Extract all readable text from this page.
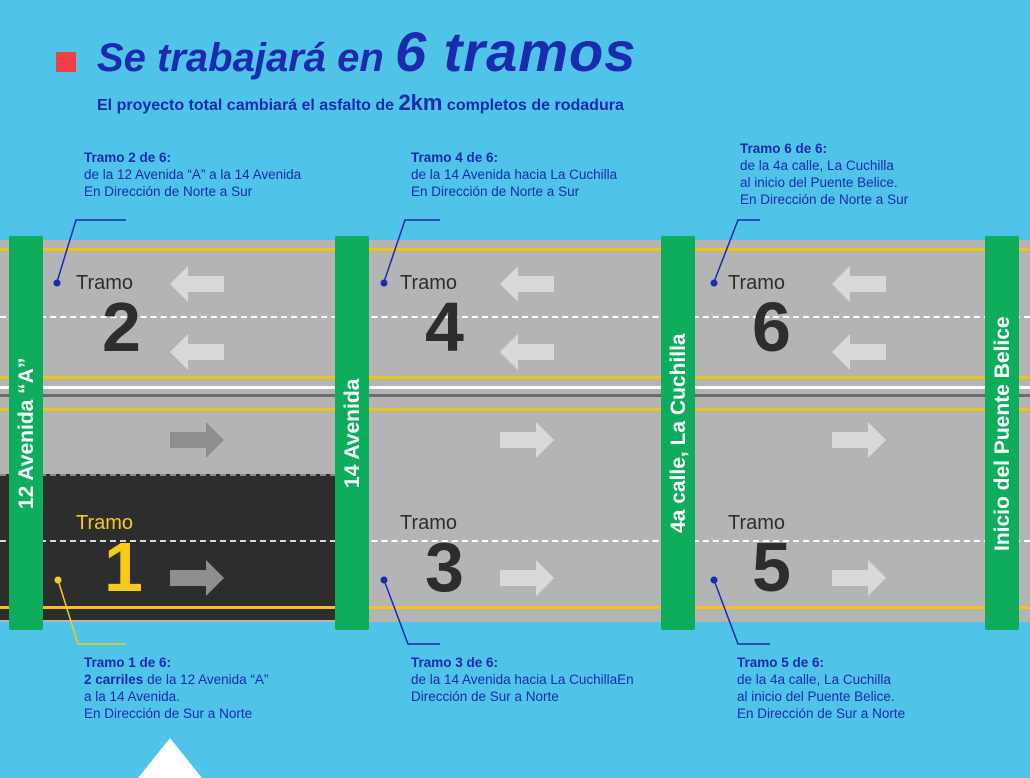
Se trabajará en 6 tramos
El proyecto total cambiará el asfalto de 2km completos de rodadura
Tramo
2
Tramo
4
Tramo
6
Tramo
1
Tramo
3
Tramo
5
12 Avenida “A”	14 Avenida	4a calle, La Cuchilla	Inicio del Puente Belice
Tramo 2 de 6:
de la 12 Avenida “A” a la 14 Avenida
En Dirección de Norte a Sur
Tramo 4 de 6:
de la 14 Avenida hacia La Cuchilla
En Dirección de Norte a Sur
Tramo 6 de 6:
de la 4a calle, La Cuchilla
al inicio del Puente Belice.
En Dirección de Norte a Sur
Tramo 1 de 6:
2 carriles de la 12 Avenida “A”
a la 14 Avenida.
En Dirección de Sur a Norte
Tramo 3 de 6:
de la 14 Avenida hacia La CuchillaEn
Dirección de Sur a Norte
Tramo 5 de 6:
de la 4a calle, La Cuchilla
al inicio del Puente Belice.
En Dirección de Sur a Norte
